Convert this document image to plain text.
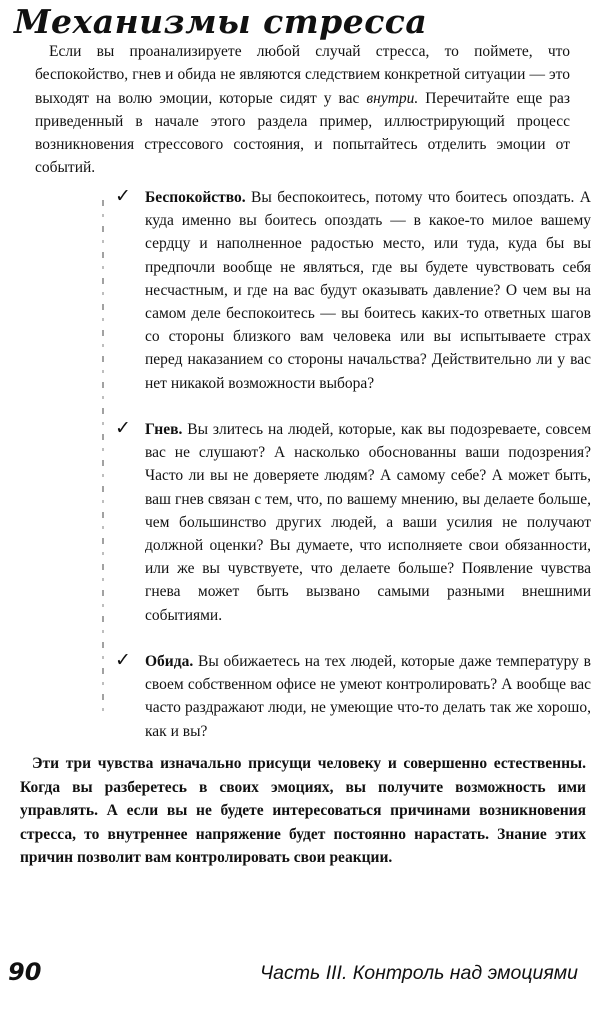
Механизмы стресса

Если вы проанализируете любой случай стресса, то поймете, что беспокойство, гнев и обида не являются следствием конкретной ситуации — это выходят на волю эмоции, которые сидят у вас внутри. Перечитайте еще раз приведенный в начале этого раздела пример, иллюстрирующий процесс возникновения стрессового состояния, и попытайтесь отделить эмоции от событий.

✓ Беспокойство. Вы беспокоитесь, потому что боитесь опоздать. А куда именно вы боитесь опоздать — в какое-то милое вашему сердцу и наполненное радостью место, или туда, куда бы вы предпочли вообще не являться, где вы будете чувствовать себя несчастным, и где на вас будут оказывать давление? О чем вы на самом деле беспокоитесь — вы боитесь каких-то ответных шагов со стороны близкого вам человека или вы испытываете страх перед наказанием со стороны начальства? Действительно ли у вас нет никакой возможности выбора?

✓ Гнев. Вы злитесь на людей, которые, как вы подозреваете, совсем вас не слушают? А насколько обоснованны ваши подозрения? Часто ли вы не доверяете людям? А самому себе? А может быть, ваш гнев связан с тем, что, по вашему мнению, вы делаете больше, чем большинство других людей, а ваши усилия не получают должной оценки? Вы думаете, что исполняете свои обязанности, или же вы чувствуете, что делаете больше? Появление чувства гнева может быть вызвано самыми разными внешними событиями.

✓ Обида. Вы обижаетесь на тех людей, которые даже температуру в своем собственном офисе не умеют контролировать? А вообще вас часто раздражают люди, не умеющие что-то делать так же хорошо, как и вы?

Эти три чувства изначально присущи человеку и совершенно естественны. Когда вы разберетесь в своих эмоциях, вы получите возможность ими управлять. А если вы не будете интересоваться причинами возникновения стресса, то внутреннее напряжение будет постоянно нарастать. Знание этих причин позволит вам контролировать свои реакции.

90	Часть III. Контроль над эмоциями
